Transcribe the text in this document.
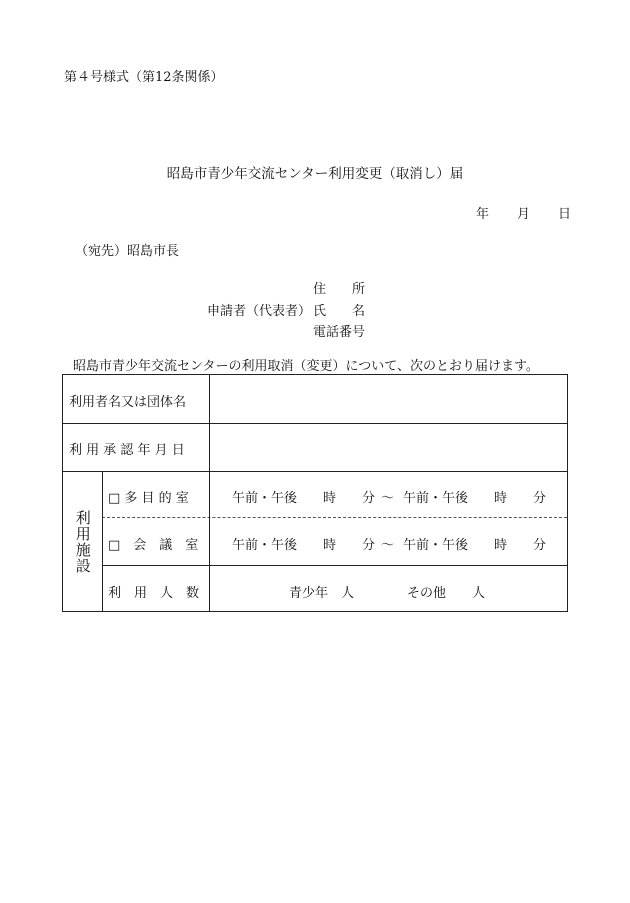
第４号様式（第12条関係）
昭島市青少年交流センター利用変更（取消し）届
年 月 日
（宛先）昭島市長
住　　所
申請者（代表者） 氏　　名
電話番号
昭島市青少年交流センターの利用取消（変更）について、次のとおり届けます。
利用者名又は団体名
利 用 承 認 年 月 日
利用施設
□ 多 目 的 室	午前・午後　　時　　分 ～ 午前・午後　　時　　分
□　会　議　室	午前・午後　　時　　分 ～ 午前・午後　　時　　分
利　用　人　数	青少年　人	その他　　人
